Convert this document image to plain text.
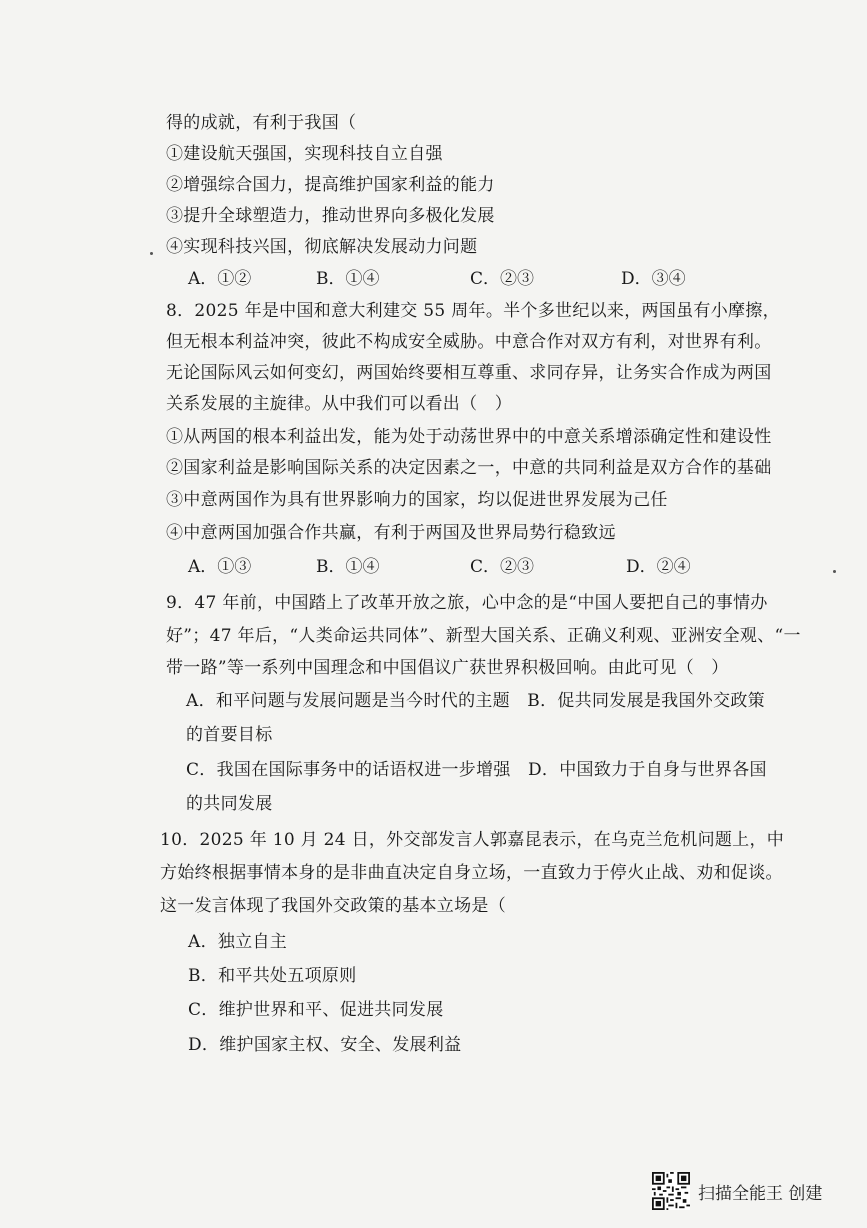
得的成就，有利于我国（
①建设航天强国，实现科技自立自强
②增强综合国力，提高维护国家利益的能力
③提升全球塑造力，推动世界向多极化发展
④实现科技兴国，彻底解决发展动力问题
A．①②	B．①④	C．②③	D．③④
8．2025 年是中国和意大利建交 55 周年。半个多世纪以来，两国虽有小摩擦，
但无根本利益冲突，彼此不构成安全威胁。中意合作对双方有利，对世界有利。
无论国际风云如何变幻，两国始终要相互尊重、求同存异，让务实合作成为两国
关系发展的主旋律。从中我们可以看出（　）
①从两国的根本利益出发，能为处于动荡世界中的中意关系增添确定性和建设性
②国家利益是影响国际关系的决定因素之一，中意的共同利益是双方合作的基础
③中意两国作为具有世界影响力的国家，均以促进世界发展为己任
④中意两国加强合作共赢，有利于两国及世界局势行稳致远
A．①③	B．①④	C．②③	D．②④
9．47 年前，中国踏上了改革开放之旅，心中念的是“中国人要把自己的事情办
好”；47 年后，“人类命运共同体”、新型大国关系、正确义利观、亚洲安全观、“一
带一路”等一系列中国理念和中国倡议广获世界积极回响。由此可见（　）
A．和平问题与发展问题是当今时代的主题　B．促共同发展是我国外交政策
的首要目标
C．我国在国际事务中的话语权进一步增强　D．中国致力于自身与世界各国
的共同发展
10．2025 年 10 月 24 日，外交部发言人郭嘉昆表示，在乌克兰危机问题上，中
方始终根据事情本身的是非曲直决定自身立场，一直致力于停火止战、劝和促谈。
这一发言体现了我国外交政策的基本立场是（
A．独立自主
B．和平共处五项原则
C．维护世界和平、促进共同发展
D．维护国家主权、安全、发展利益
扫描全能王 创建
